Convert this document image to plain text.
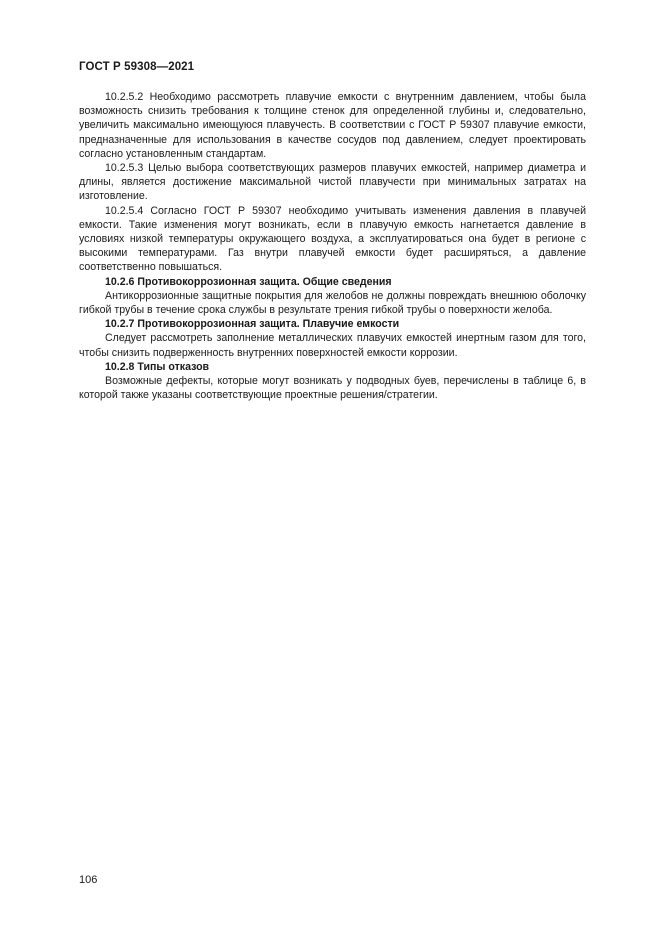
ГОСТ Р 59308—2021

10.2.5.2 Необходимо рассмотреть плавучие емкости с внутренним давлением, чтобы была возможность снизить требования к толщине стенок для определенной глубины и, следовательно, увеличить максимально имеющуюся плавучесть. В соответствии с ГОСТ Р 59307 плавучие емкости, предназначенные для использования в качестве сосудов под давлением, следует проектировать согласно установленным стандартам.

10.2.5.3 Целью выбора соответствующих размеров плавучих емкостей, например диаметра и длины, является достижение максимальной чистой плавучести при минимальных затратах на изготовление.

10.2.5.4 Согласно ГОСТ Р 59307 необходимо учитывать изменения давления в плавучей емкости. Такие изменения могут возникать, если в плавучую емкость нагнетается давление в условиях низкой температуры окружающего воздуха, а эксплуатироваться она будет в регионе с высокими температурами. Газ внутри плавучей емкости будет расширяться, а давление соответственно повышаться.

10.2.6 Противокоррозионная защита. Общие сведения

Антикоррозионные защитные покрытия для желобов не должны повреждать внешнюю оболочку гибкой трубы в течение срока службы в результате трения гибкой трубы о поверхности желоба.

10.2.7 Противокоррозионная защита. Плавучие емкости

Следует рассмотреть заполнение металлических плавучих емкостей инертным газом для того, чтобы снизить подверженность внутренних поверхностей емкости коррозии.

10.2.8 Типы отказов

Возможные дефекты, которые могут возникать у подводных буев, перечислены в таблице 6, в которой также указаны соответствующие проектные решения/стратегии.

106
